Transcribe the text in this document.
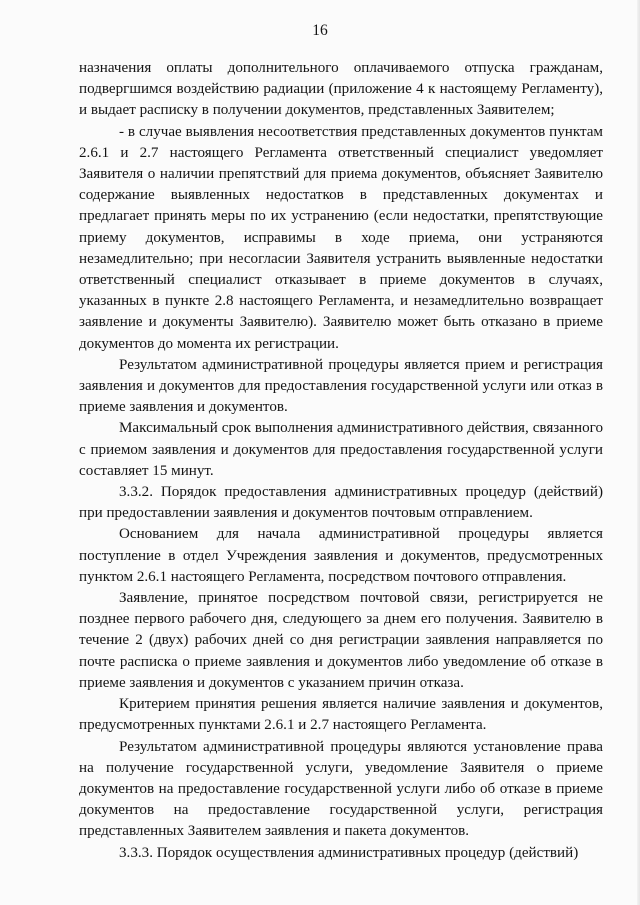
16

назначения оплаты дополнительного оплачиваемого отпуска гражданам, подвергшимся воздействию радиации (приложение 4 к настоящему Регламенту), и выдает расписку в получении документов, представленных Заявителем;

- в случае выявления несоответствия представленных документов пунктам 2.6.1 и 2.7 настоящего Регламента ответственный специалист уведомляет Заявителя о наличии препятствий для приема документов, объясняет Заявителю содержание выявленных недостатков в представленных документах и предлагает принять меры по их устранению (если недостатки, препятствующие приему документов, исправимы в ходе приема, они устраняются незамедлительно; при несогласии Заявителя устранить выявленные недостатки ответственный специалист отказывает в приеме документов в случаях, указанных в пункте 2.8 настоящего Регламента, и незамедлительно возвращает заявление и документы Заявителю). Заявителю может быть отказано в приеме документов до момента их регистрации.

Результатом административной процедуры является прием и регистрация заявления и документов для предоставления государственной услуги или отказ в приеме заявления и документов.

Максимальный срок выполнения административного действия, связанного с приемом заявления и документов для предоставления государственной услуги составляет 15 минут.

3.3.2. Порядок предоставления административных процедур (действий) при предоставлении заявления и документов почтовым отправлением.

Основанием для начала административной процедуры является поступление в отдел Учреждения заявления и документов, предусмотренных пунктом 2.6.1 настоящего Регламента, посредством почтового отправления.

Заявление, принятое посредством почтовой связи, регистрируется не позднее первого рабочего дня, следующего за днем его получения. Заявителю в течение 2 (двух) рабочих дней со дня регистрации заявления направляется по почте расписка о приеме заявления и документов либо уведомление об отказе в приеме заявления и документов с указанием причин отказа.

Критерием принятия решения является наличие заявления и документов, предусмотренных пунктами 2.6.1 и 2.7 настоящего Регламента.

Результатом административной процедуры являются установление права на получение государственной услуги, уведомление Заявителя о приеме документов на предоставление государственной услуги либо об отказе в приеме документов на предоставление государственной услуги, регистрация представленных Заявителем заявления и пакета документов.

3.3.3. Порядок осуществления административных процедур (действий)
